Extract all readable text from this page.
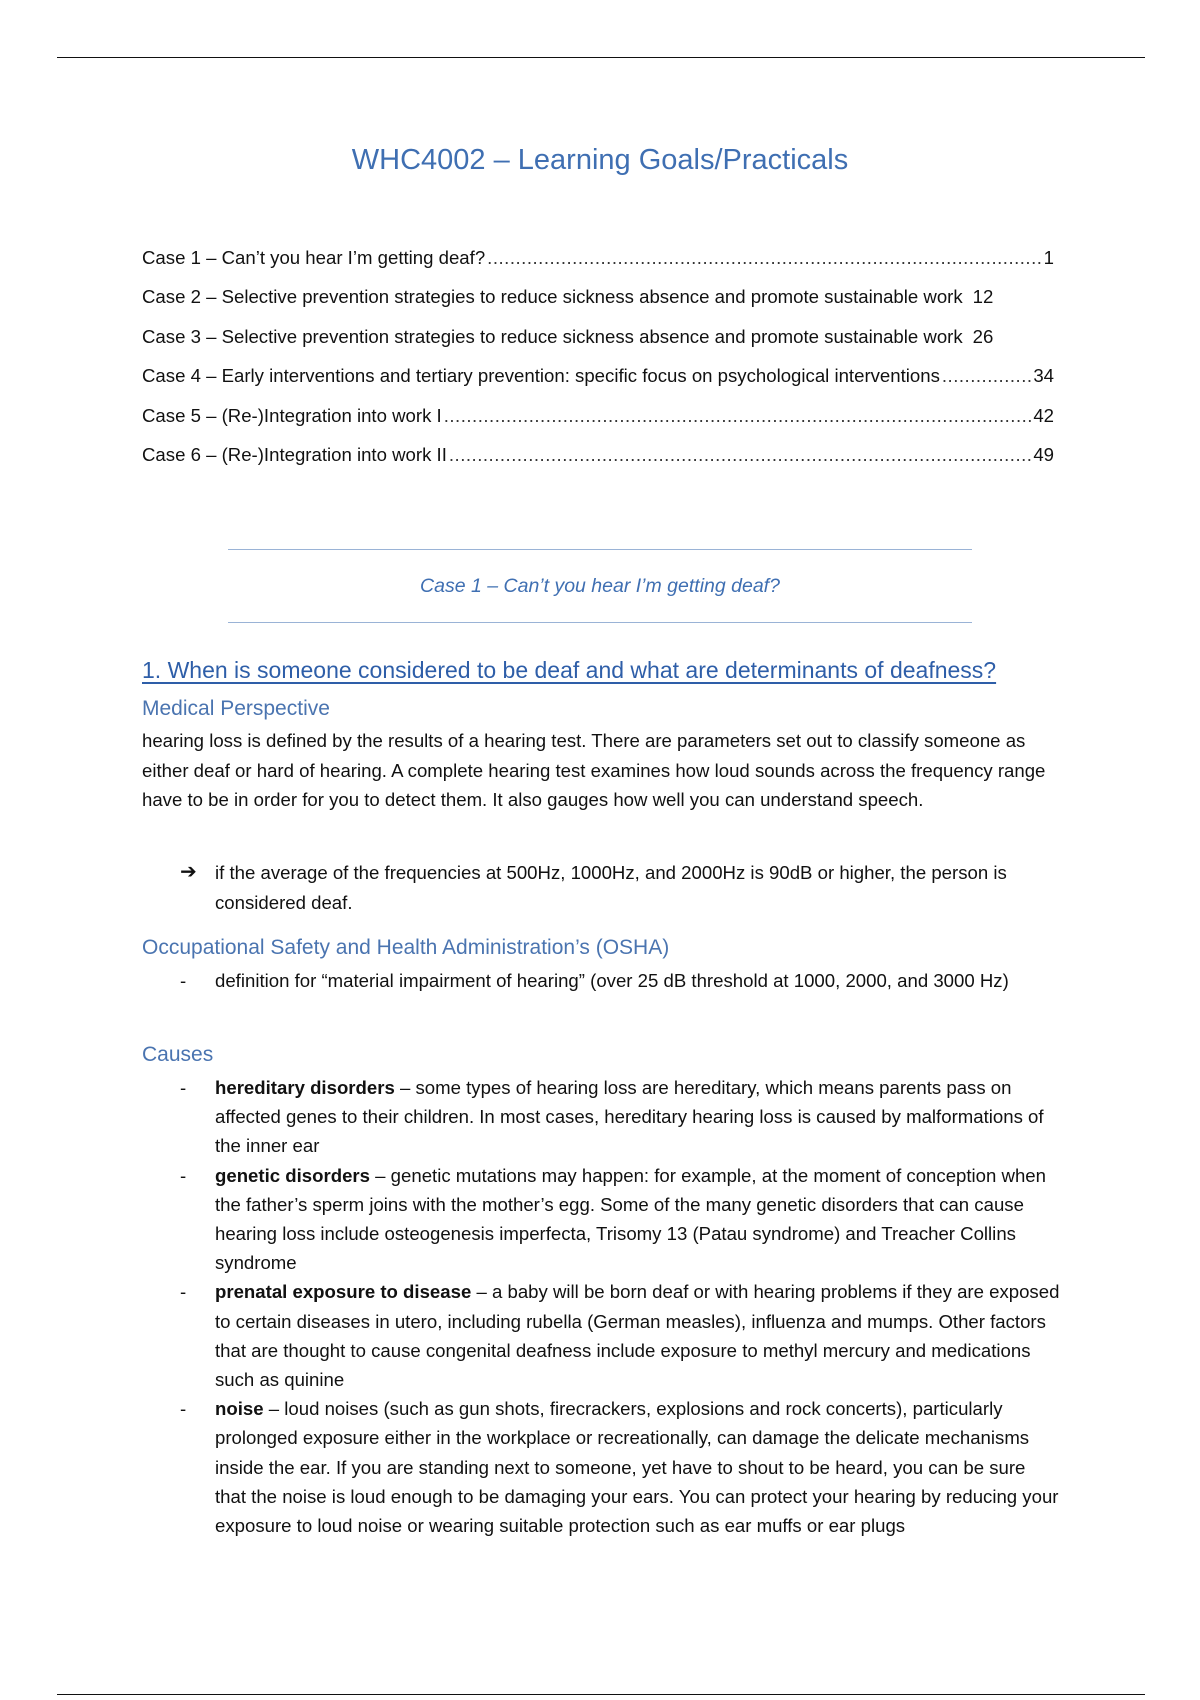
WHC4002 – Learning Goals/Practicals
Case 1 – Can’t you hear I’m getting deaf? .....	1
Case 2 – Selective prevention strategies to reduce sickness absence and promote sustainable work 12
Case 3 – Selective prevention strategies to reduce sickness absence and promote sustainable work 26
Case 4 – Early interventions and tertiary prevention: specific focus on psychological interventions .....	34
Case 5 – (Re-)Integration into work I .....	42
Case 6 – (Re-)Integration into work II .....	49
Case 1 – Can’t you hear I’m getting deaf?
1. When is someone considered to be deaf and what are determinants of deafness?
Medical Perspective
hearing loss is defined by the results of a hearing test. There are parameters set out to classify someone as either deaf or hard of hearing. A complete hearing test examines how loud sounds across the frequency range have to be in order for you to detect them. It also gauges how well you can understand speech.
➔ if the average of the frequencies at 500Hz, 1000Hz, and 2000Hz is 90dB or higher, the person is considered deaf.
Occupational Safety and Health Administration’s (OSHA)
-	definition for “material impairment of hearing” (over 25 dB threshold at 1000, 2000, and 3000 Hz)
Causes
-	hereditary disorders – some types of hearing loss are hereditary, which means parents pass on affected genes to their children. In most cases, hereditary hearing loss is caused by malformations of the inner ear
-	genetic disorders – genetic mutations may happen: for example, at the moment of conception when the father’s sperm joins with the mother’s egg. Some of the many genetic disorders that can cause hearing loss include osteogenesis imperfecta, Trisomy 13 (Patau syndrome) and Treacher Collins syndrome
-	prenatal exposure to disease – a baby will be born deaf or with hearing problems if they are exposed to certain diseases in utero, including rubella (German measles), influenza and mumps. Other factors that are thought to cause congenital deafness include exposure to methyl mercury and medications such as quinine
-	noise – loud noises (such as gun shots, firecrackers, explosions and rock concerts), particularly prolonged exposure either in the workplace or recreationally, can damage the delicate mechanisms inside the ear. If you are standing next to someone, yet have to shout to be heard, you can be sure that the noise is loud enough to be damaging your ears. You can protect your hearing by reducing your exposure to loud noise or wearing suitable protection such as ear muffs or ear plugs
